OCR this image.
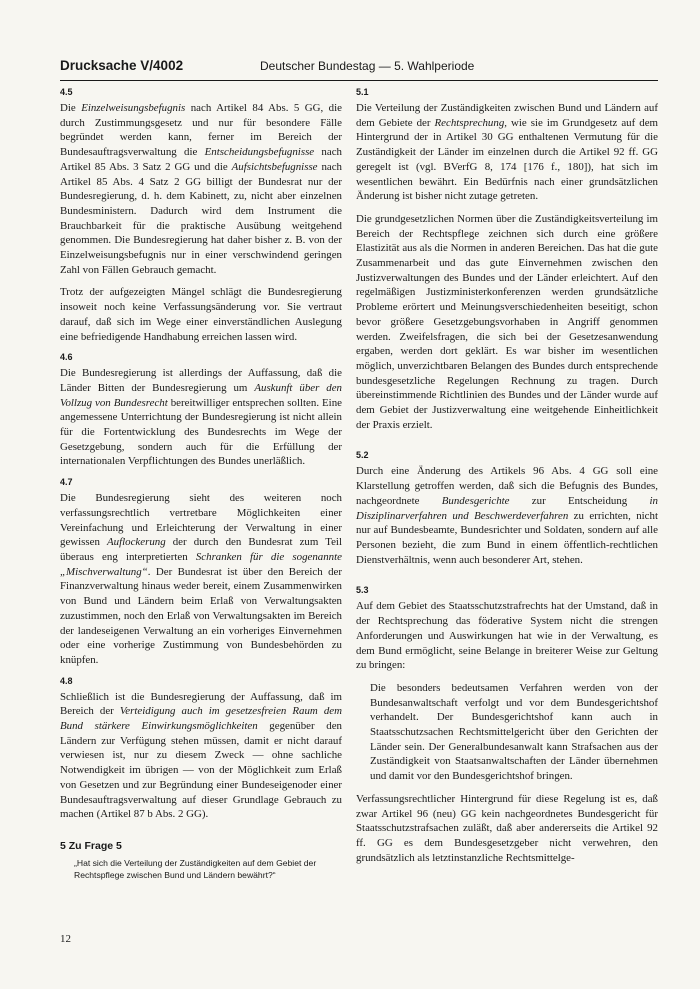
Drucksache V/4002	Deutscher Bundestag — 5. Wahlperiode
4.5

Die Einzelweisungsbefugnis nach Artikel 84 Abs. 5 GG, die durch Zustimmungsgesetz und nur für besondere Fälle begründet werden kann, ferner im Bereich der Bundesauftragsverwaltung die Entscheidungsbefugnisse nach Artikel 85 Abs. 3 Satz 2 GG und die Aufsichtsbefugnisse nach Artikel 85 Abs. 4 Satz 2 GG billigt der Bundesrat nur der Bundesregierung, d. h. dem Kabinett, zu, nicht aber einzelnen Bundesministern. Dadurch wird dem Instrument die Brauchbarkeit für die praktische Ausübung weitgehend genommen. Die Bundesregierung hat daher bisher z. B. von der Einzelweisungsbefugnis nur in einer verschwindend geringen Zahl von Fällen Gebrauch gemacht.

Trotz der aufgezeigten Mängel schlägt die Bundesregierung insoweit noch keine Verfassungsänderung vor. Sie vertraut darauf, daß sich im Wege einer einverständlichen Auslegung eine befriedigende Handhabung erreichen lassen wird.

4.6

Die Bundesregierung ist allerdings der Auffassung, daß die Länder Bitten der Bundesregierung um Auskunft über den Vollzug von Bundesrecht bereitwilliger entsprechen sollten. Eine angemessene Unterrichtung der Bundesregierung ist nicht allein für die Fortentwicklung des Bundesrechts im Wege der Gesetzgebung, sondern auch für die Erfüllung der internationalen Verpflichtungen des Bundes unerläßlich.

4.7

Die Bundesregierung sieht des weiteren noch verfassungsrechtlich vertretbare Möglichkeiten einer Vereinfachung und Erleichterung der Verwaltung in einer gewissen Auflockerung der durch den Bundesrat zum Teil überaus eng interpretierten Schranken für die sogenannte „Mischverwaltung“. Der Bundesrat ist über den Bereich der Finanzverwaltung hinaus weder bereit, einem Zusammenwirken von Bund und Ländern beim Erlaß von Verwaltungsakten zuzustimmen, noch den Erlaß von Verwaltungsakten im Bereich der landeseigenen Verwaltung an ein vorheriges Einvernehmen oder eine vorherige Zustimmung von Bundesbehörden zu knüpfen.

4.8

Schließlich ist die Bundesregierung der Auffassung, daß im Bereich der Verteidigung auch im gesetzesfreien Raum dem Bund stärkere Einwirkungsmöglichkeiten gegenüber den Ländern zur Verfügung stehen müssen, damit er nicht darauf verwiesen ist, nur zu diesem Zweck — ohne sachliche Notwendigkeit im übrigen — von der Möglichkeit zum Erlaß von Gesetzen und zur Begründung einer Bundeseigenoder einer Bundesauftragsverwaltung auf dieser Grundlage Gebrauch zu machen (Artikel 87 b Abs. 2 GG).

5 Zu Frage 5

„Hat sich die Verteilung der Zuständigkeiten auf dem Gebiet der Rechtspflege zwischen Bund und Ländern bewährt?“

5.1

Die Verteilung der Zuständigkeiten zwischen Bund und Ländern auf dem Gebiete der Rechtsprechung, wie sie im Grundgesetz auf dem Hintergrund der in Artikel 30 GG enthaltenen Vermutung für die Zuständigkeit der Länder im einzelnen durch die Artikel 92 ff. GG geregelt ist (vgl. BVerfG 8, 174 [176 f., 180]), hat sich im wesentlichen bewährt. Ein Bedürfnis nach einer grundsätzlichen Änderung ist bisher nicht zutage getreten.

Die grundgesetzlichen Normen über die Zuständigkeitsverteilung im Bereich der Rechtspflege zeichnen sich durch eine größere Elastizität aus als die Normen in anderen Bereichen. Das hat die gute Zusammenarbeit und das gute Einvernehmen zwischen den Justizverwaltungen des Bundes und der Länder erleichtert. Auf den regelmäßigen Justizministerkonferenzen werden grundsätzliche Probleme erörtert und Meinungsverschiedenheiten beseitigt, schon bevor größere Gesetzgebungsvorhaben in Angriff genommen werden. Zweifelsfragen, die sich bei der Gesetzesanwendung ergaben, werden dort geklärt. Es war bisher im wesentlichen möglich, unverzichtbaren Belangen des Bundes durch entsprechende bundesgesetzliche Regelungen Rechnung zu tragen. Durch übereinstimmende Richtlinien des Bundes und der Länder wurde auf dem Gebiet der Justizverwaltung eine weitgehende Einheitlichkeit der Praxis erzielt.

5.2

Durch eine Änderung des Artikels 96 Abs. 4 GG soll eine Klarstellung getroffen werden, daß sich die Befugnis des Bundes, nachgeordnete Bundesgerichte zur Entscheidung in Disziplinarverfahren und Beschwerdeverfahren zu errichten, nicht nur auf Bundesbeamte, Bundesrichter und Soldaten, sondern auf alle Personen bezieht, die zum Bund in einem öffentlich-rechtlichen Dienstverhältnis, wenn auch besonderer Art, stehen.

5.3

Auf dem Gebiet des Staatsschutzstrafrechts hat der Umstand, daß in der Rechtsprechung das föderative System nicht die strengen Anforderungen und Auswirkungen hat wie in der Verwaltung, es dem Bund ermöglicht, seine Belange in breiterer Weise zur Geltung zu bringen:

Die besonders bedeutsamen Verfahren werden von der Bundesanwaltschaft verfolgt und vor dem Bundesgerichtshof verhandelt. Der Bundesgerichtshof kann auch in Staatsschutzsachen Rechtsmittelgericht über den Gerichten der Länder sein. Der Generalbundesanwalt kann Strafsachen aus der Zuständigkeit von Staatsanwaltschaften der Länder übernehmen und damit vor den Bundesgerichtshof bringen.

Verfassungsrechtlicher Hintergrund für diese Regelung ist es, daß zwar Artikel 96 (neu) GG kein nachgeordnetes Bundesgericht für Staatsschutzstrafsachen zuläßt, daß aber andererseits die Artikel 92 ff. GG es dem Bundesgesetzgeber nicht verwehren, den grundsätzlich als letztinstanzliche Rechtsmittelge-

12
